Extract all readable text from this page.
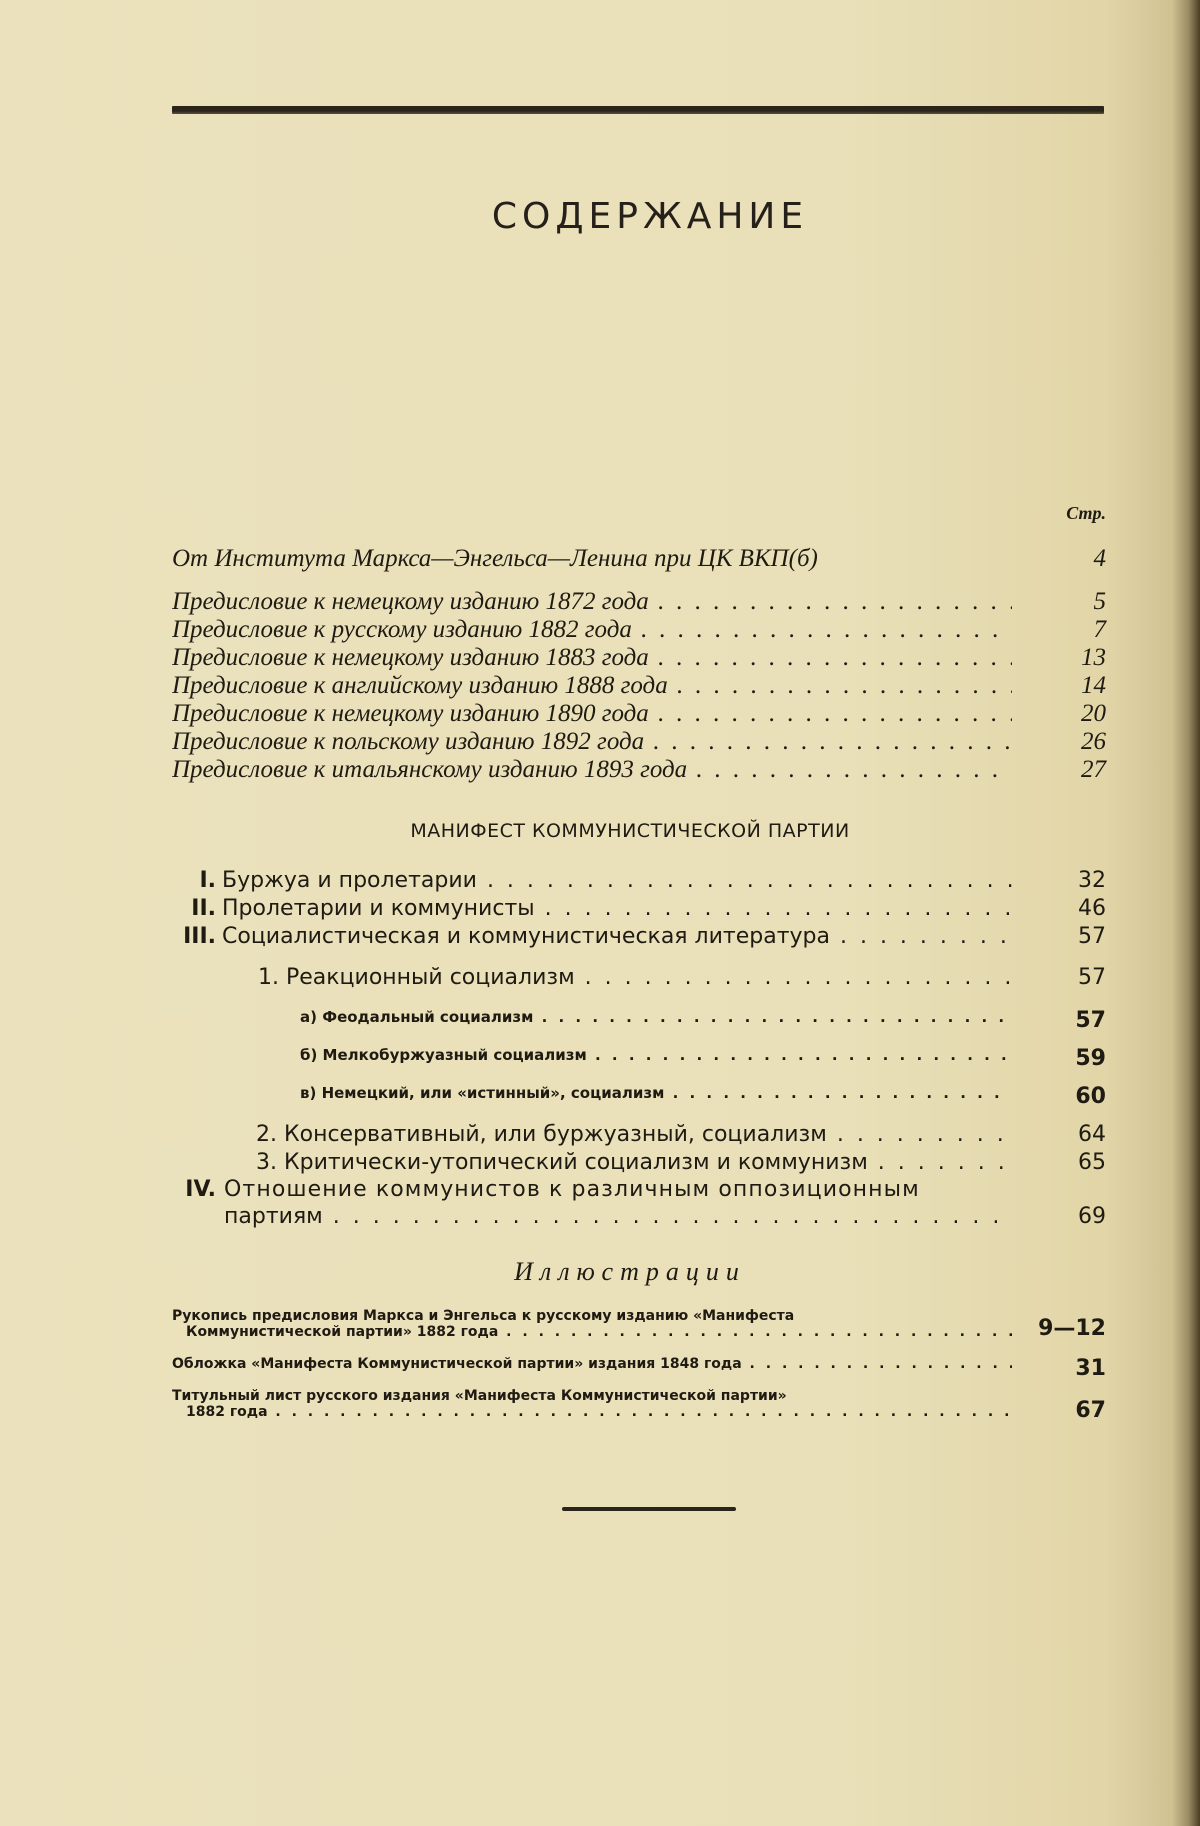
СОДЕРЖАНИЕ
Стр.
От Института Маркса—Энгельса—Ленина при ЦК ВКП(б)	4
Предисловие к немецкому изданию 1872 года . . .	5
Предисловие к русскому изданию 1882 года . . .	7
Предисловие к немецкому изданию 1883 года . . .	13
Предисловие к английскому изданию 1888 года . . .	14
Предисловие к немецкому изданию 1890 года . . .	20
Предисловие к польскому изданию 1892 года . . .	26
Предисловие к итальянскому изданию 1893 года . . .	27
МАНИФЕСТ КОММУНИСТИЧЕСКОЙ ПАРТИИ
I. Буржуа и пролетарии . . .	32
II. Пролетарии и коммунисты . . .	46
III. Социалистическая и коммунистическая литература . . .	57
1. Реакционный социализм . . .	57
а) Феодальный социализм . . .	57
б) Мелкобуржуазный социализм . . .	59
в) Немецкий, или «истинный», социализм . . .	60
2. Консервативный, или буржуазный, социализм . . .	64
3. Критически-утопический социализм и коммунизм . . .	65
IV. Отношение коммунистов к различным оппозиционным
партиям . . .	69
Иллюстрации
Рукопись предисловия Маркса и Энгельса к русскому изданию «Манифеста
Коммунистической партии» 1882 года . . .	9—12
Обложка «Манифеста Коммунистической партии» издания 1848 года . . .	31
Титульный лист русского издания «Манифеста Коммунистической партии»
1882 года . . .	67
